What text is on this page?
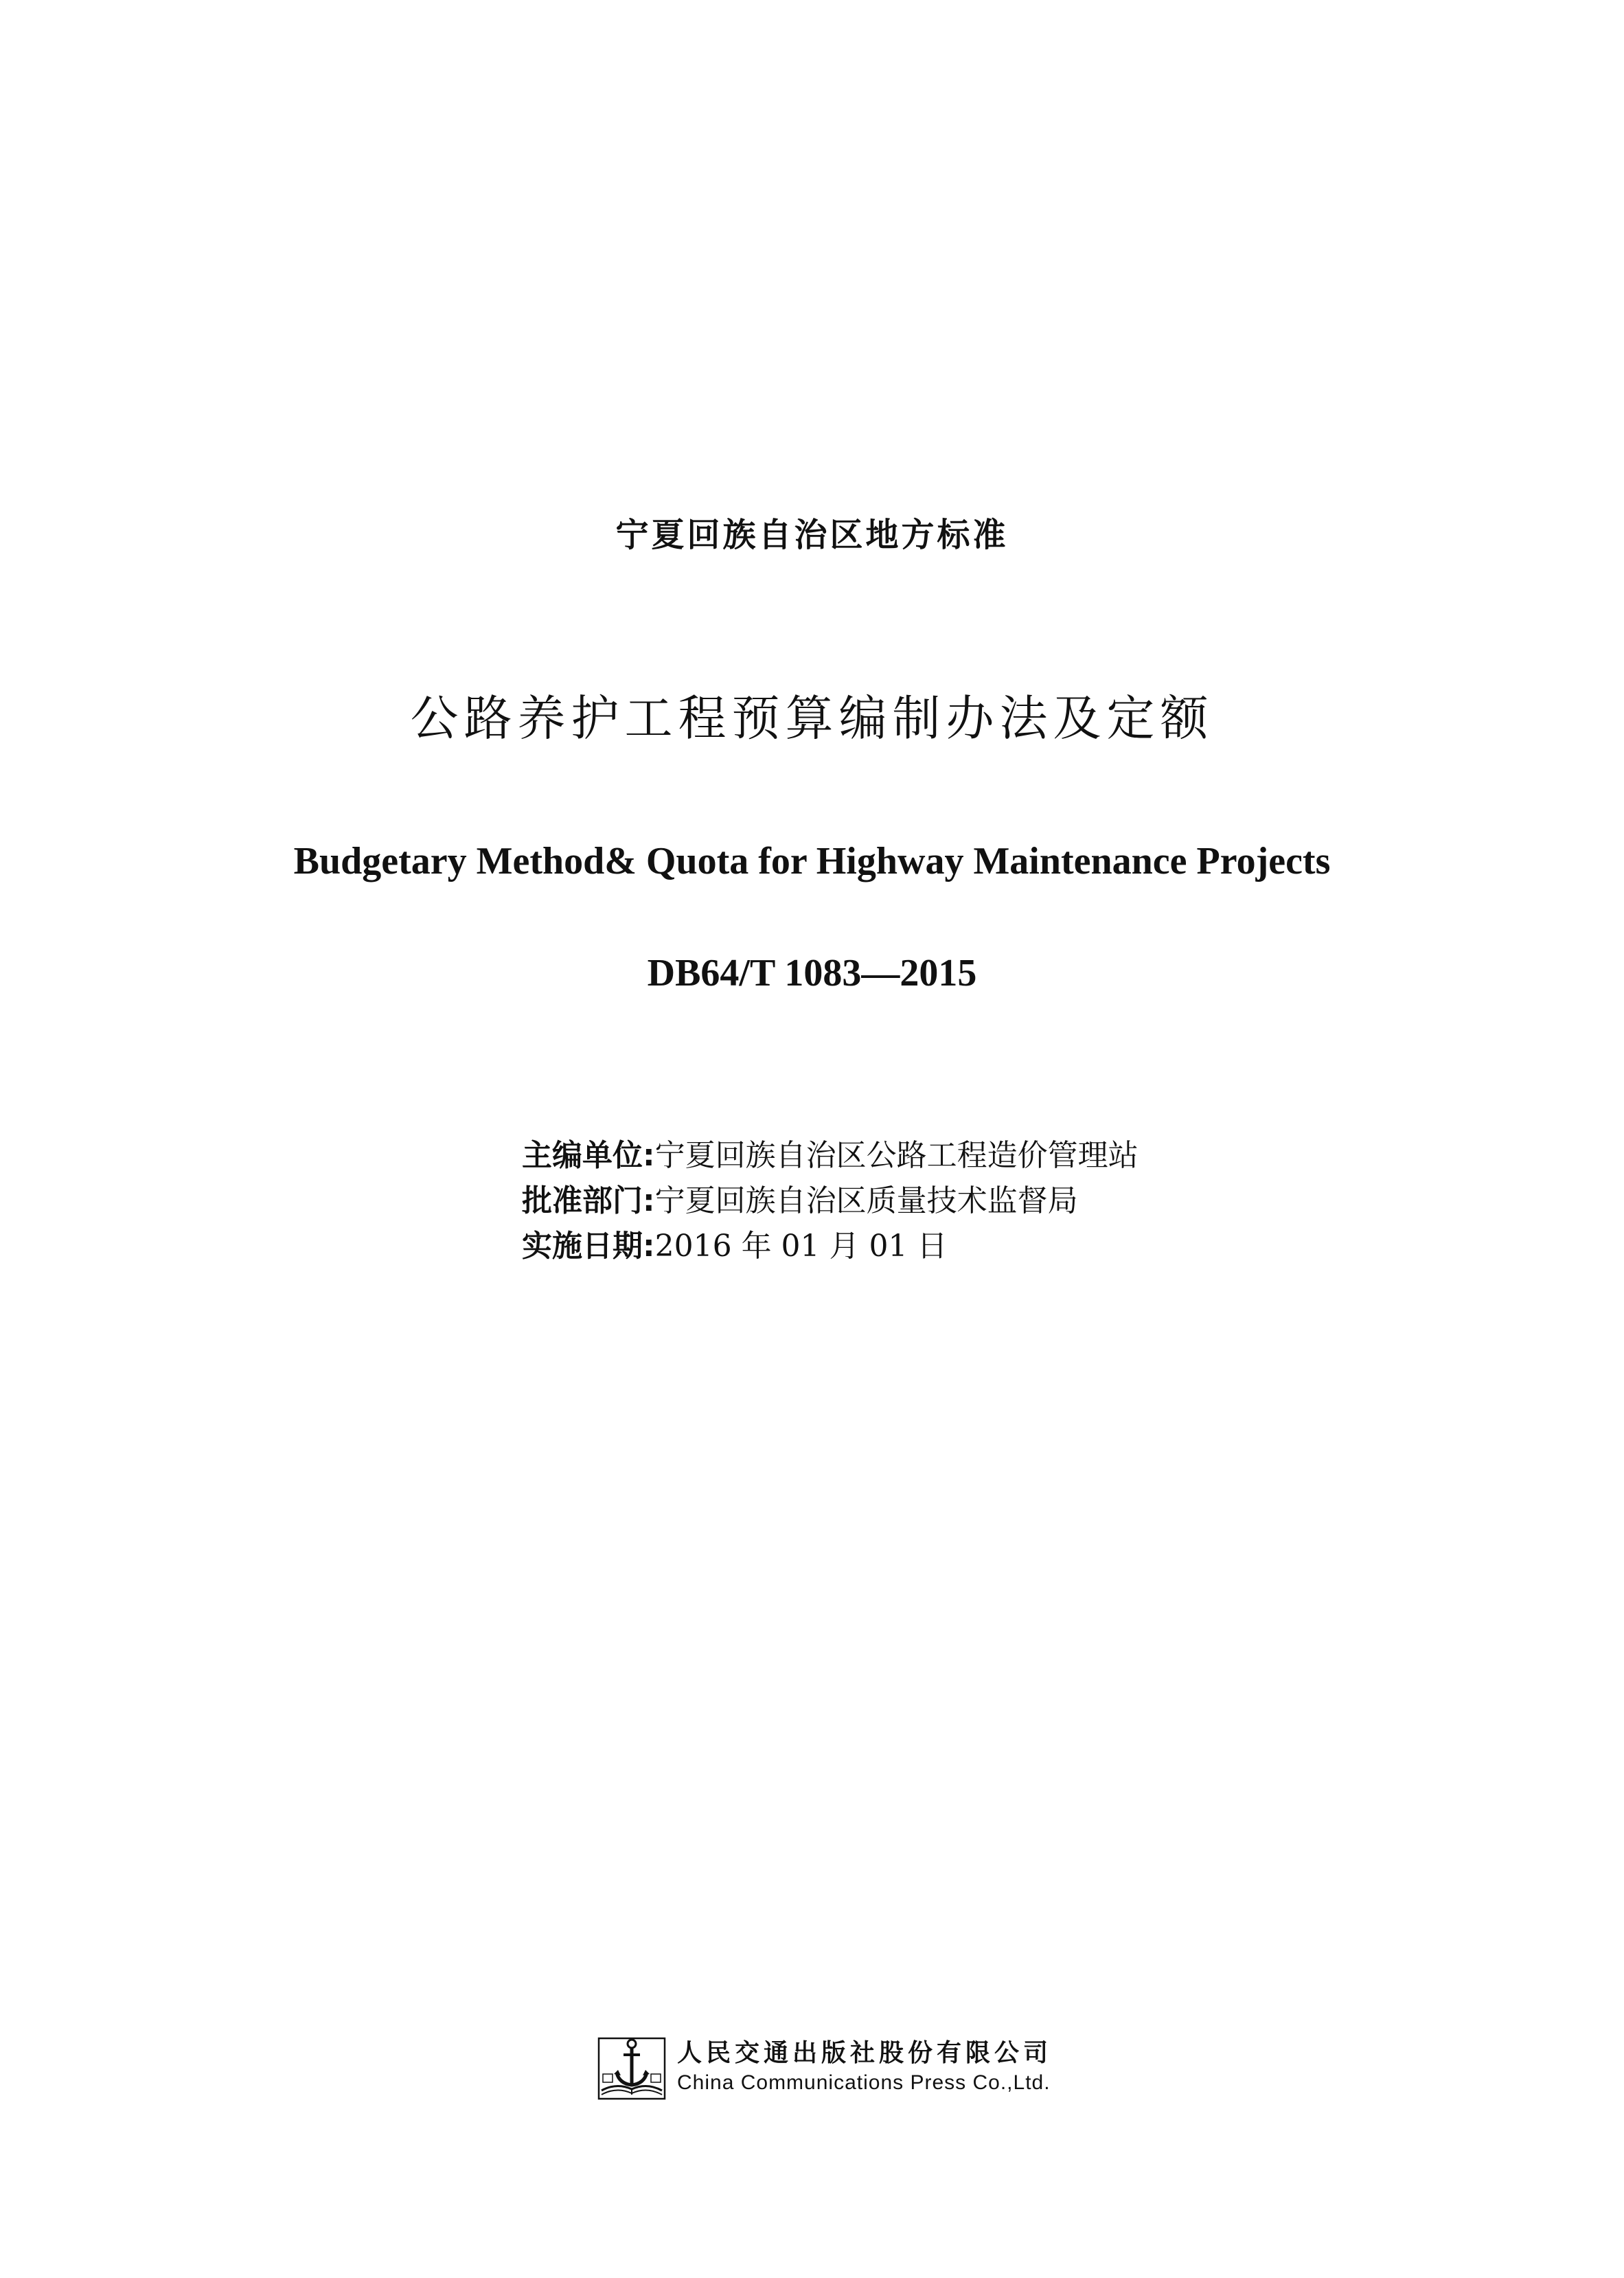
宁夏回族自治区地方标准
公路养护工程预算编制办法及定额
Budgetary Method& Quota for Highway Maintenance Projects
DB64/T 1083—2015
主编单位:宁夏回族自治区公路工程造价管理站
批准部门:宁夏回族自治区质量技术监督局
实施日期:2016 年 01 月 01 日
人民交通出版社股份有限公司
China Communications Press Co.,Ltd.
